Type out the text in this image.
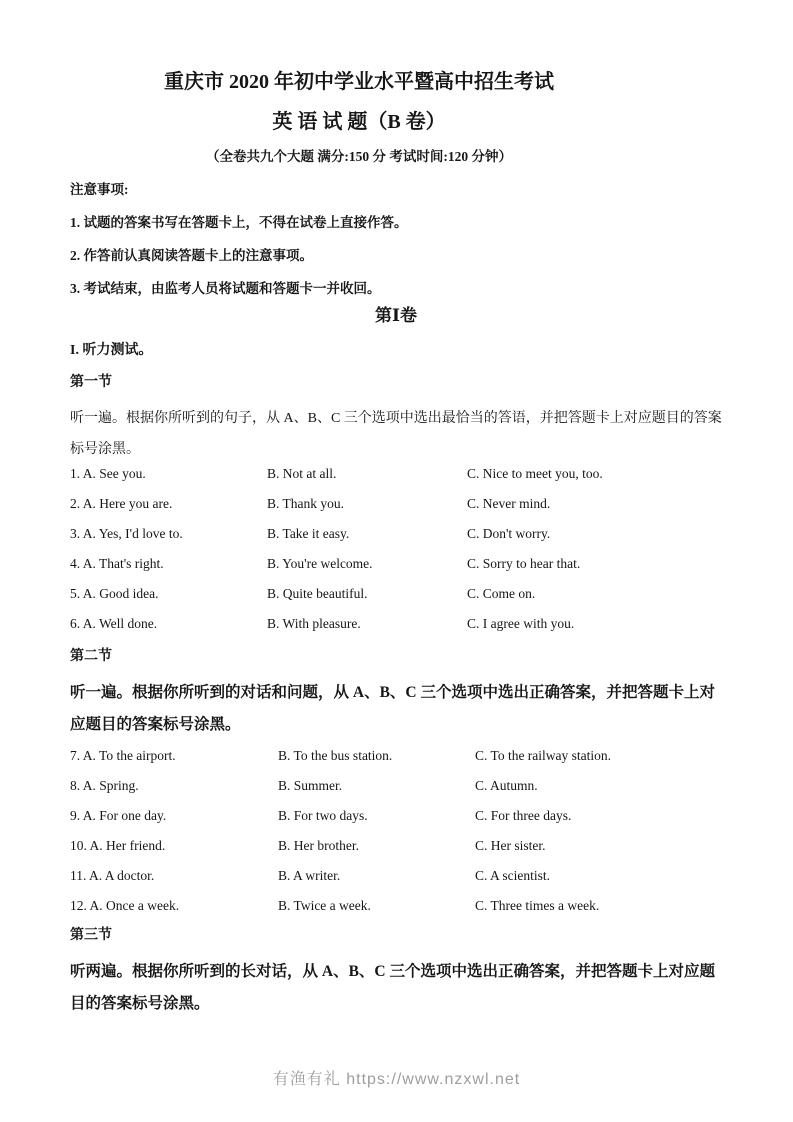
重庆市 2020 年初中学业水平暨高中招生考试
英 语 试 题（B 卷）
（全卷共九个大题 满分:150 分 考试时间:120 分钟）
注意事项:
1. 试题的答案书写在答题卡上，不得在试卷上直接作答。
2. 作答前认真阅读答题卡上的注意事项。
3. 考试结束，由监考人员将试题和答题卡一并收回。
第Ⅰ卷
I. 听力测试。
第一节
听一遍。根据你所听到的句子，从 A、B、C 三个选项中选出最恰当的答语，并把答题卡上对应题目的答案标号涂黑。
1. A. See you.	B. Not at all.	C. Nice to meet you, too.
2. A. Here you are.	B. Thank you.	C. Never mind.
3. A. Yes, I'd love to.	B. Take it easy.	C. Don't worry.
4. A. That's right.	B. You're welcome.	C. Sorry to hear that.
5. A. Good idea.	B. Quite beautiful.	C. Come on.
6. A. Well done.	B. With pleasure.	C. I agree with you.
第二节
听一遍。根据你所听到的对话和问题，从 A、B、C 三个选项中选出正确答案，并把答题卡上对应题目的答案标号涂黑。
7. A. To the airport.	B. To the bus station.	C. To the railway station.
8. A. Spring.	B. Summer.	C. Autumn.
9. A. For one day.	B. For two days.	C. For three days.
10. A. Her friend.	B. Her brother.	C. Her sister.
11. A. A doctor.	B. A writer.	C. A scientist.
12. A. Once a week.	B. Twice a week.	C. Three times a week.
第三节
听两遍。根据你所听到的长对话，从 A、B、C 三个选项中选出正确答案，并把答题卡上对应题目的答案标号涂黑。
有渔有礼 https://www.nzxwl.net
